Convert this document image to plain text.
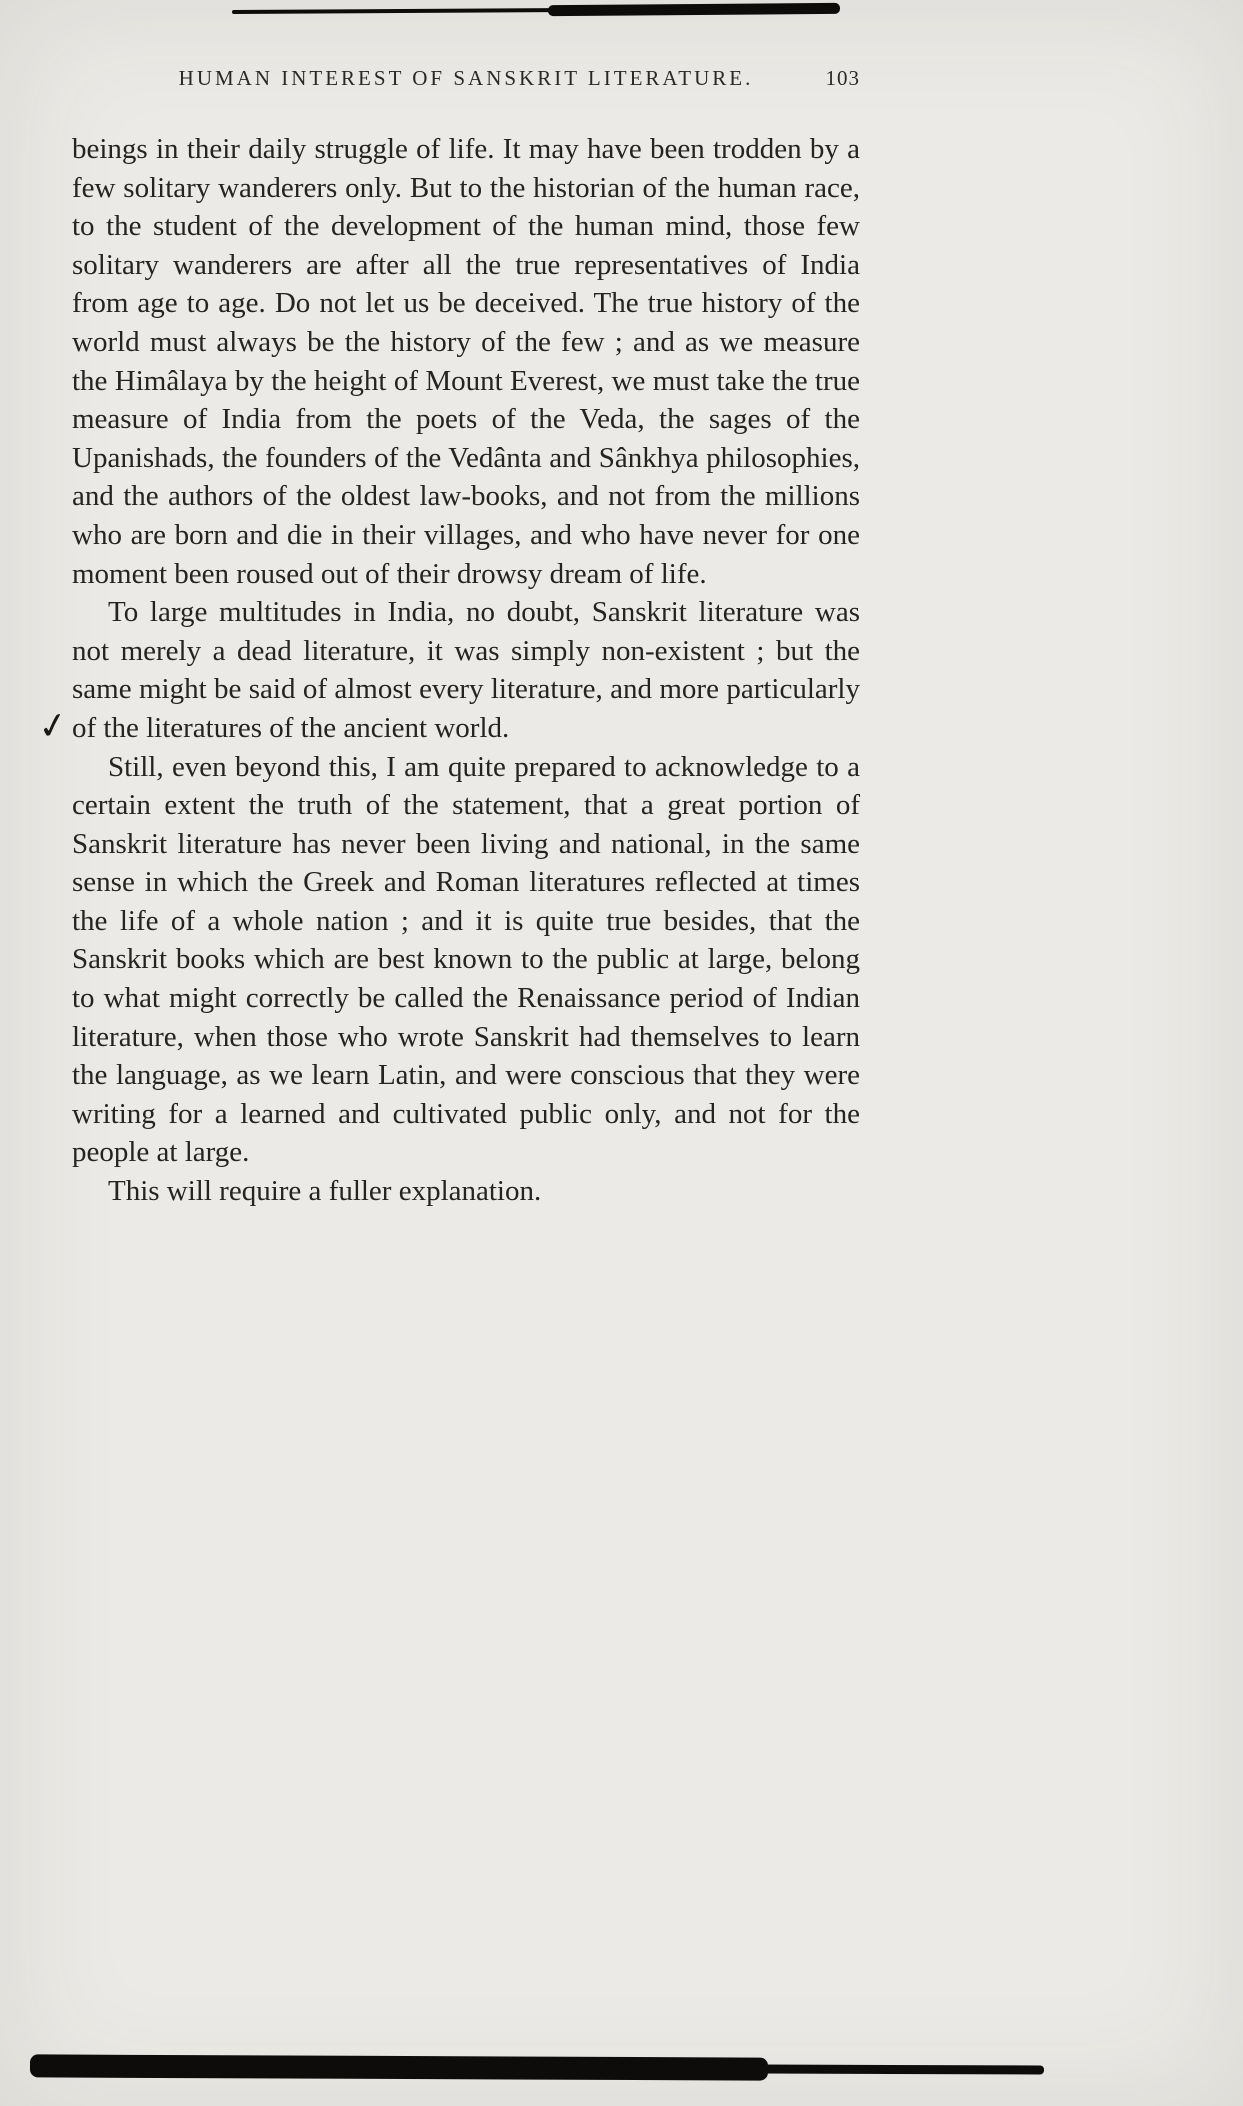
HUMAN INTEREST OF SANSKRIT LITERATURE.	103
✓

beings in their daily struggle of life. It may have been trodden by a few solitary wanderers only. But to the historian of the human race, to the student of the development of the human mind, those few solitary wanderers are after all the true representatives of India from age to age. Do not let us be deceived. The true history of the world must always be the history of the few ; and as we measure the Himâlaya by the height of Mount Everest, we must take the true measure of India from the poets of the Veda, the sages of the Upanishads, the founders of the Vedânta and Sânkhya philosophies, and the authors of the oldest law-books, and not from the millions who are born and die in their villages, and who have never for one moment been roused out of their drowsy dream of life.

To large multitudes in India, no doubt, Sanskrit literature was not merely a dead literature, it was simply non-existent ; but the same might be said of almost every literature, and more particularly of the literatures of the ancient world.

Still, even beyond this, I am quite prepared to acknowledge to a certain extent the truth of the statement, that a great portion of Sanskrit literature has never been living and national, in the same sense in which the Greek and Roman literatures reflected at times the life of a whole nation ; and it is quite true besides, that the Sanskrit books which are best known to the public at large, belong to what might correctly be called the Renaissance period of Indian literature, when those who wrote Sanskrit had themselves to learn the language, as we learn Latin, and were conscious that they were writing for a learned and cultivated public only, and not for the people at large.

This will require a fuller explanation.
